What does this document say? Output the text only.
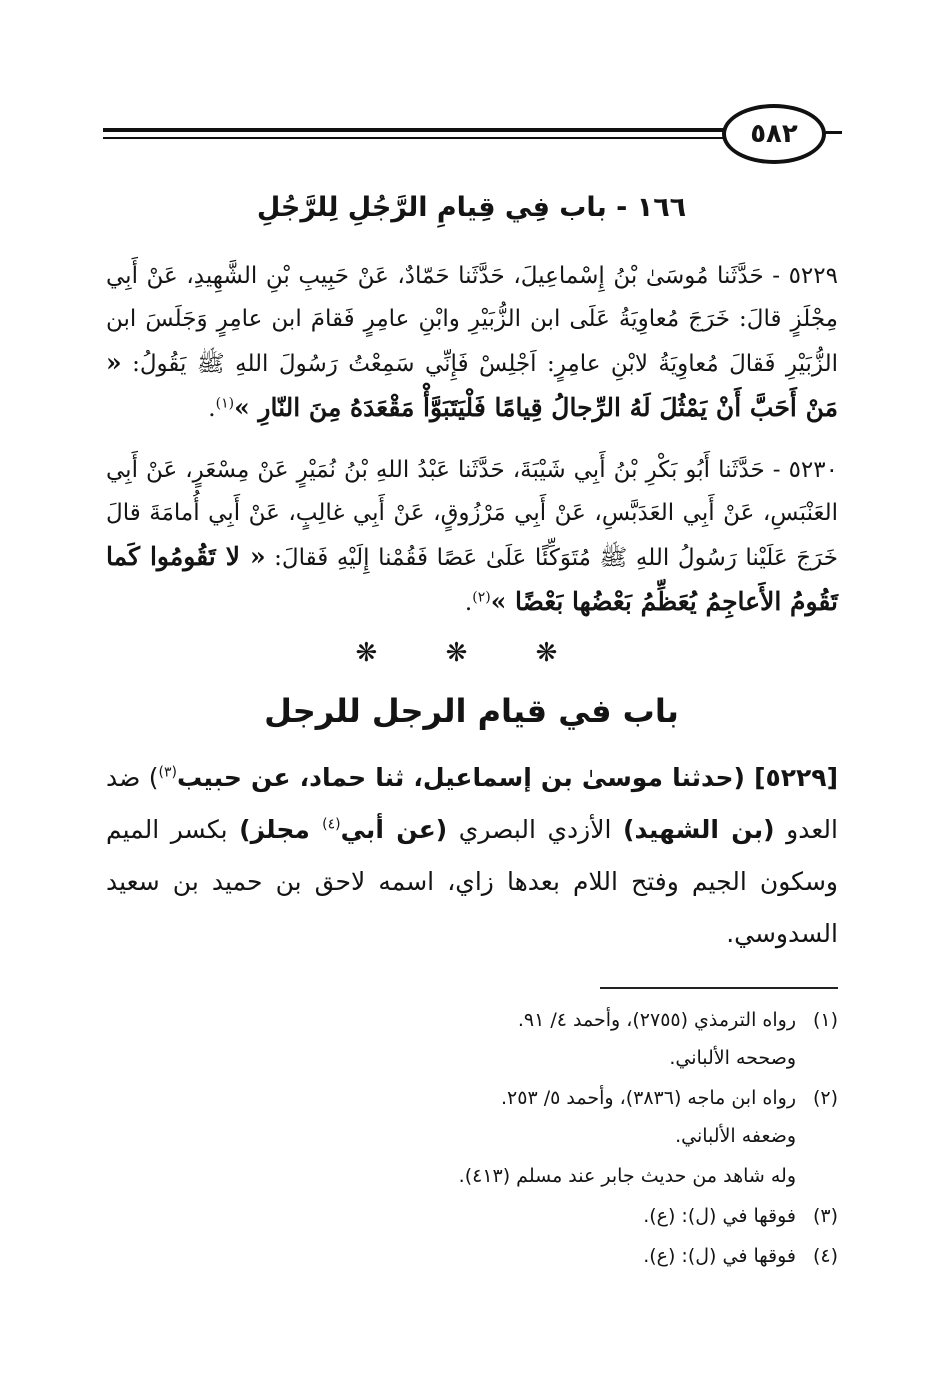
٥٨٢
١٦٦ - باب فِي قِيامِ الرَّجُلِ لِلرَّجُلِ
٥٢٢٩ - حَدَّثَنا مُوسَىٰ بْنُ إِسْماعِيلَ، حَدَّثَنا حَمّادٌ، عَنْ حَبِيبِ بْنِ الشَّهِيدِ، عَنْ أَبِي مِجْلَزٍ قالَ: خَرَجَ مُعاوِيَةُ عَلَى ابن الزُّبَيْرِ وابْنِ عامِرٍ فَقامَ ابن عامِرٍ وَجَلَسَ ابن الزُّبَيْرِ فَقالَ مُعاوِيَةُ لابْنِ عامِرٍ: اَجْلِسْ فَإِنِّي سَمِعْتُ رَسُولَ اللهِ ﷺ يَقُولُ: « مَنْ أَحَبَّ أَنْ يَمْثُلَ لَهُ الرِّجالُ قِيامًا فَلْيَتَبَوَّأْ مَقْعَدَهُ مِنَ النّارِ »$^{(١)}$.
٥٢٣٠ - حَدَّثَنا أَبُو بَكْرِ بْنُ أَبِي شَيْبَةَ، حَدَّثَنا عَبْدُ اللهِ بْنُ نُمَيْرٍ عَنْ مِسْعَرٍ، عَنْ أَبِي العَنْبَسِ، عَنْ أَبِي العَدَبَّسِ، عَنْ أَبِي مَرْزُوقٍ، عَنْ أَبِي غالِبٍ، عَنْ أَبِي أُمامَةَ قالَ خَرَجَ عَلَيْنا رَسُولُ اللهِ ﷺ مُتَوَكِّئًا عَلَىٰ عَصًا فَقُمْنا إِلَيْهِ فَقالَ: « لا تَقُومُوا كَما تَقُومُ الأَعاجِمُ يُعَظِّمُ بَعْضُها بَعْضًا »$^{(٢)}$.
❋ ❋ ❋
باب في قيام الرجل للرجل
[٥٢٢٩] (حدثنا موسىٰ بن إسماعيل، ثنا حماد، عن حبيب$^{(٣)}$) ضد العدو (بن الشهيد) الأزدي البصري (عن أبي$^{(٤)}$ مجلز) بكسر الميم وسكون الجيم وفتح اللام بعدها زاي، اسمه لاحق بن حميد بن سعيد السدوسي.
(١)رواه الترمذي (٢٧٥٥)، وأحمد ٤/ ٩١.
وصححه الألباني.
(٢)رواه ابن ماجه (٣٨٣٦)، وأحمد ٥/ ٢٥٣.
وضعفه الألباني.
وله شاهد من حديث جابر عند مسلم (٤١٣).
(٣)فوقها في (ل): (ع).
(٤)فوقها في (ل): (ع).
